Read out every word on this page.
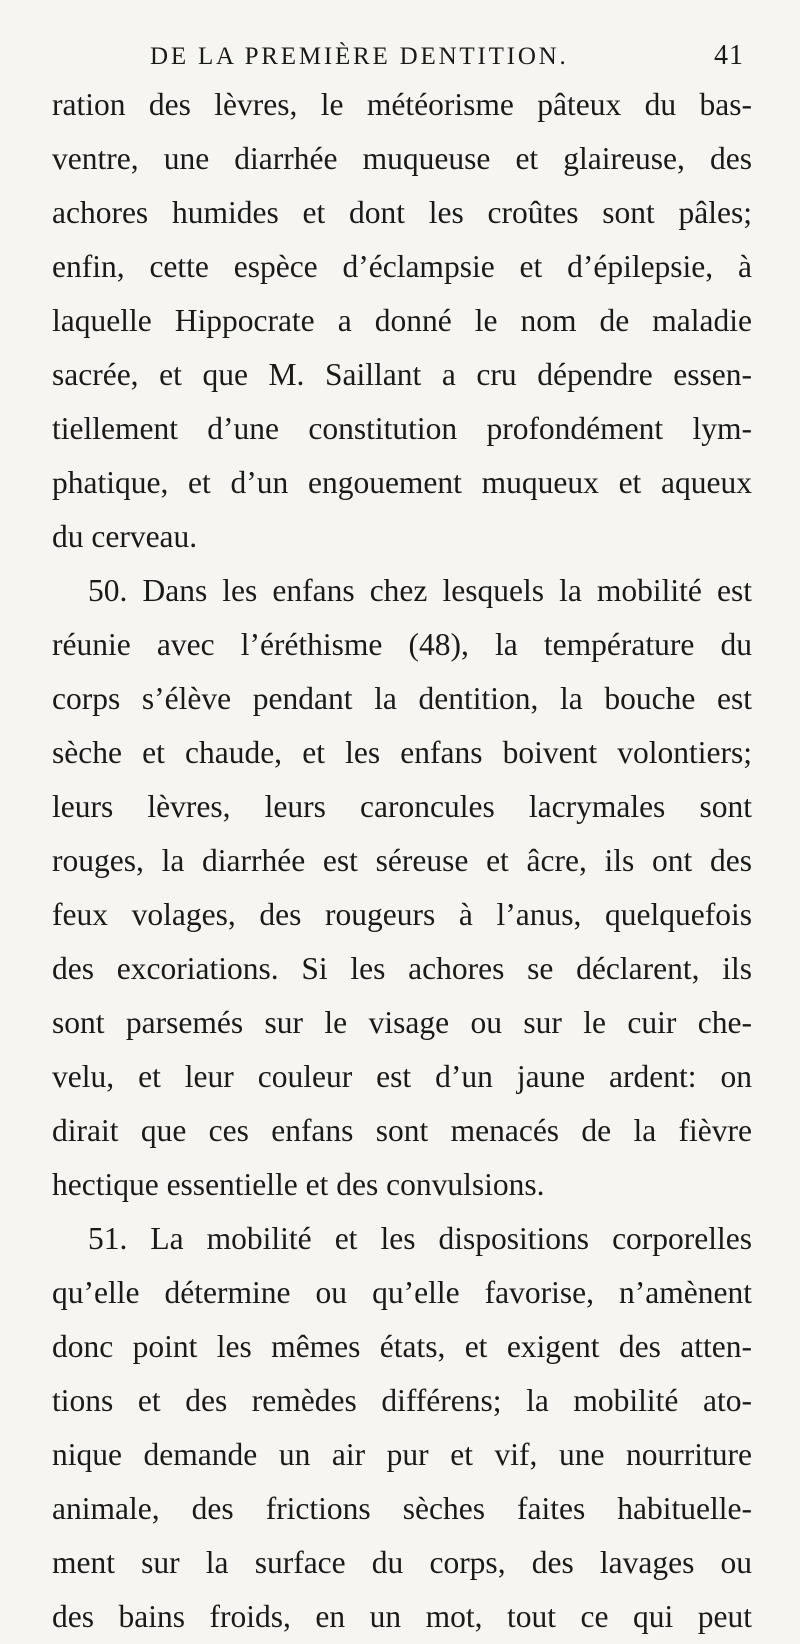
DE LA PREMIÈRE DENTITION.	41
ration des lèvres, le météorisme pâteux du bas-
ventre, une diarrhée muqueuse et glaireuse, des
achores humides et dont les croûtes sont pâles;
enfin, cette espèce d’éclampsie et d’épilepsie, à
laquelle Hippocrate a donné le nom de maladie
sacrée, et que M. Saillant a cru dépendre essen-
tiellement d’une constitution profondément lym-
phatique, et d’un engouement muqueux et aqueux
du cerveau.
50. Dans les enfans chez lesquels la mobilité est
réunie avec l’éréthisme (48), la température du
corps s’élève pendant la dentition, la bouche est
sèche et chaude, et les enfans boivent volontiers;
leurs lèvres, leurs caroncules lacrymales sont
rouges, la diarrhée est séreuse et âcre, ils ont des
feux volages, des rougeurs à l’anus, quelquefois
des excoriations. Si les achores se déclarent, ils
sont parsemés sur le visage ou sur le cuir che-
velu, et leur couleur est d’un jaune ardent: on
dirait que ces enfans sont menacés de la fièvre
hectique essentielle et des convulsions.
51. La mobilité et les dispositions corporelles
qu’elle détermine ou qu’elle favorise, n’amènent
donc point les mêmes états, et exigent des atten-
tions et des remèdes différens; la mobilité ato-
nique demande un air pur et vif, une nourriture
animale, des frictions sèches faites habituelle-
ment sur la surface du corps, des lavages ou
des bains froids, en un mot, tout ce qui peut
